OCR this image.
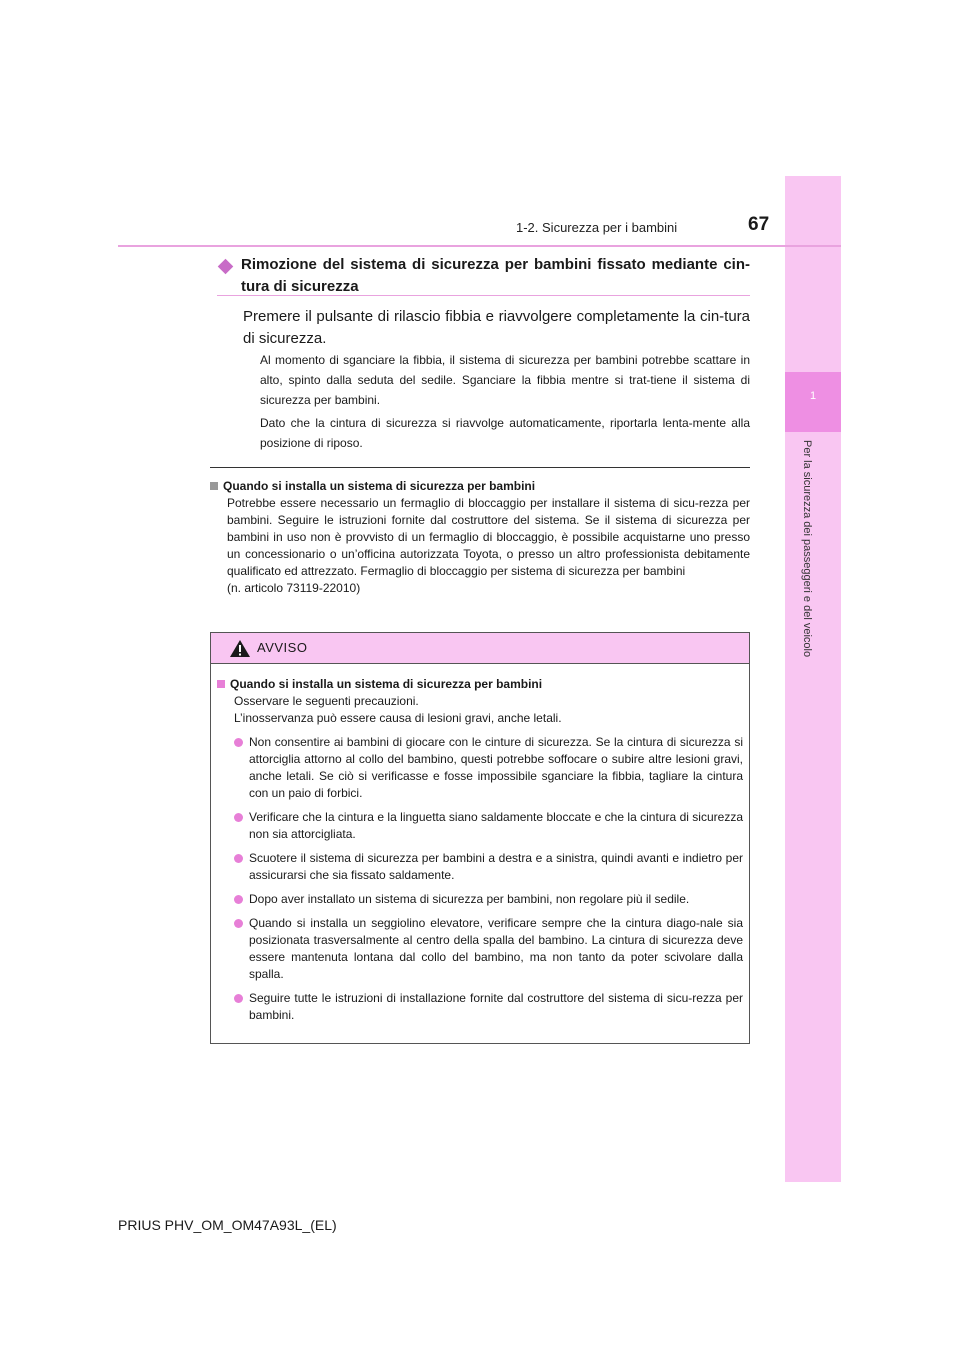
1
Per la sicurezza dei passeggeri e del veicolo
1-2. Sicurezza per i bambini	67
Rimozione del sistema di sicurezza per bambini fissato mediante cin-tura di sicurezza
Premere il pulsante di rilascio fibbia e riavvolgere completamente la cin-tura di sicurezza.
Al momento di sganciare la fibbia, il sistema di sicurezza per bambini potrebbe scattare in alto, spinto dalla seduta del sedile. Sganciare la fibbia mentre si trat-tiene il sistema di sicurezza per bambini.
Dato che la cintura di sicurezza si riavvolge automaticamente, riportarla lenta-mente alla posizione di riposo.
Quando si installa un sistema di sicurezza per bambini
Potrebbe essere necessario un fermaglio di bloccaggio per installare il sistema di sicu-rezza per bambini. Seguire le istruzioni fornite dal costruttore del sistema. Se il sistema di sicurezza per bambini in uso non è provvisto di un fermaglio di bloccaggio, è possibile acquistarne uno presso un concessionario o un’officina autorizzata Toyota, o presso un altro professionista debitamente qualificato ed attrezzato. Fermaglio di bloccaggio per sistema di sicurezza per bambini
(n. articolo 73119-22010)
AVVISO
Quando si installa un sistema di sicurezza per bambini
Osservare le seguenti precauzioni.
L’inosservanza può essere causa di lesioni gravi, anche letali.
Non consentire ai bambini di giocare con le cinture di sicurezza. Se la cintura di sicurezza si attorciglia attorno al collo del bambino, questi potrebbe soffocare o subire altre lesioni gravi, anche letali. Se ciò si verificasse e fosse impossibile sganciare la fibbia, tagliare la cintura con un paio di forbici.
Verificare che la cintura e la linguetta siano saldamente bloccate e che la cintura di sicurezza non sia attorcigliata.
Scuotere il sistema di sicurezza per bambini a destra e a sinistra, quindi avanti e indietro per assicurarsi che sia fissato saldamente.
Dopo aver installato un sistema di sicurezza per bambini, non regolare più il sedile.
Quando si installa un seggiolino elevatore, verificare sempre che la cintura diago-nale sia posizionata trasversalmente al centro della spalla del bambino. La cintura di sicurezza deve essere mantenuta lontana dal collo del bambino, ma non tanto da poter scivolare dalla spalla.
Seguire tutte le istruzioni di installazione fornite dal costruttore del sistema di sicu-rezza per bambini.
PRIUS PHV_OM_OM47A93L_(EL)
